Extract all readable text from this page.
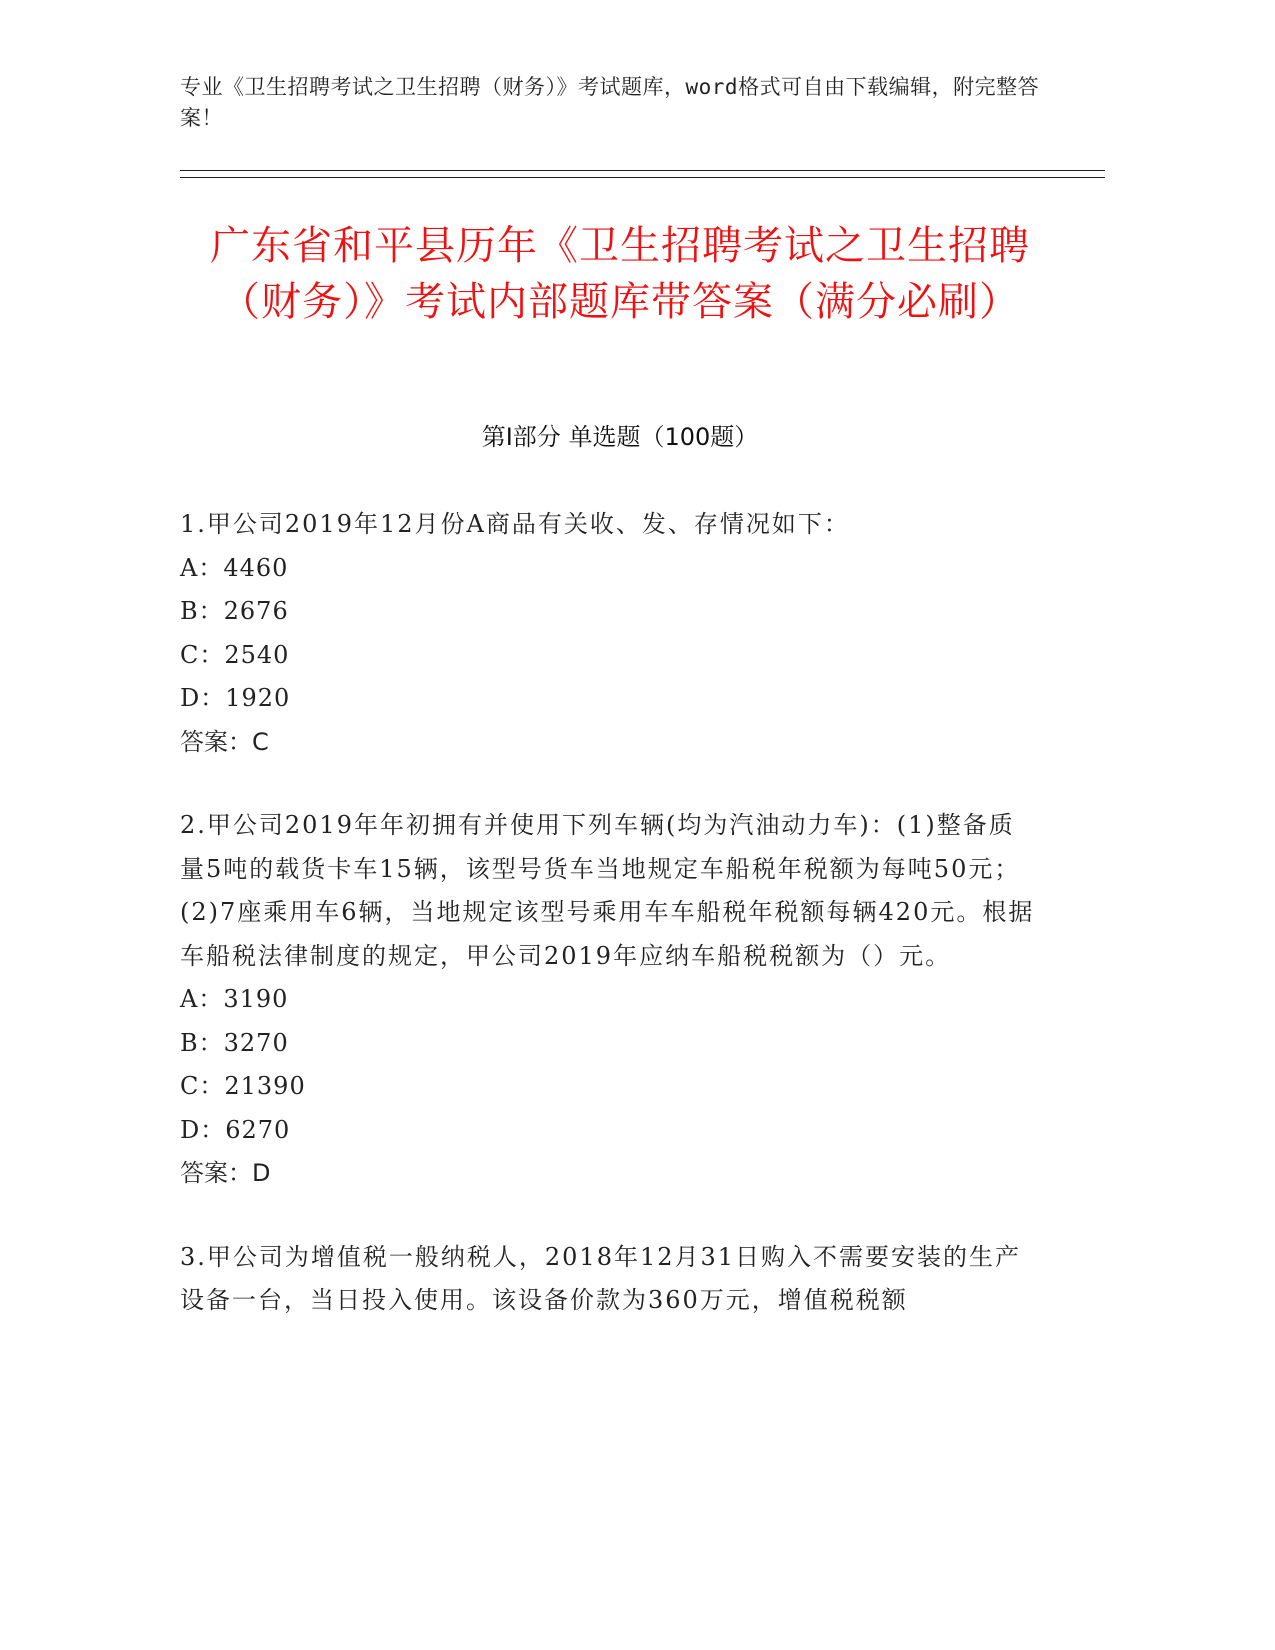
专业《卫生招聘考试之卫生招聘（财务）》考试题库，word格式可自由下载编辑，附完整答案！
广东省和平县历年《卫生招聘考试之卫生招聘（财务）》考试内部题库带答案（满分必刷）
第Ⅰ部分 单选题（100题）
1.甲公司2019年12月份A商品有关收、发、存情况如下：
A：4460
B：2676
C：2540
D：1920
答案：C
2.甲公司2019年年初拥有并使用下列车辆(均为汽油动力车)：(1)整备质量5吨的载货卡车15辆，该型号货车当地规定车船税年税额为每吨50元；(2)7座乘用车6辆，当地规定该型号乘用车车船税年税额每辆420元。根据车船税法律制度的规定，甲公司2019年应纳车船税税额为（）元。
A：3190
B：3270
C：21390
D：6270
答案：D
3.甲公司为增值税一般纳税人，2018年12月31日购入不需要安装的生产设备一台，当日投入使用。该设备价款为360万元，增值税税额
